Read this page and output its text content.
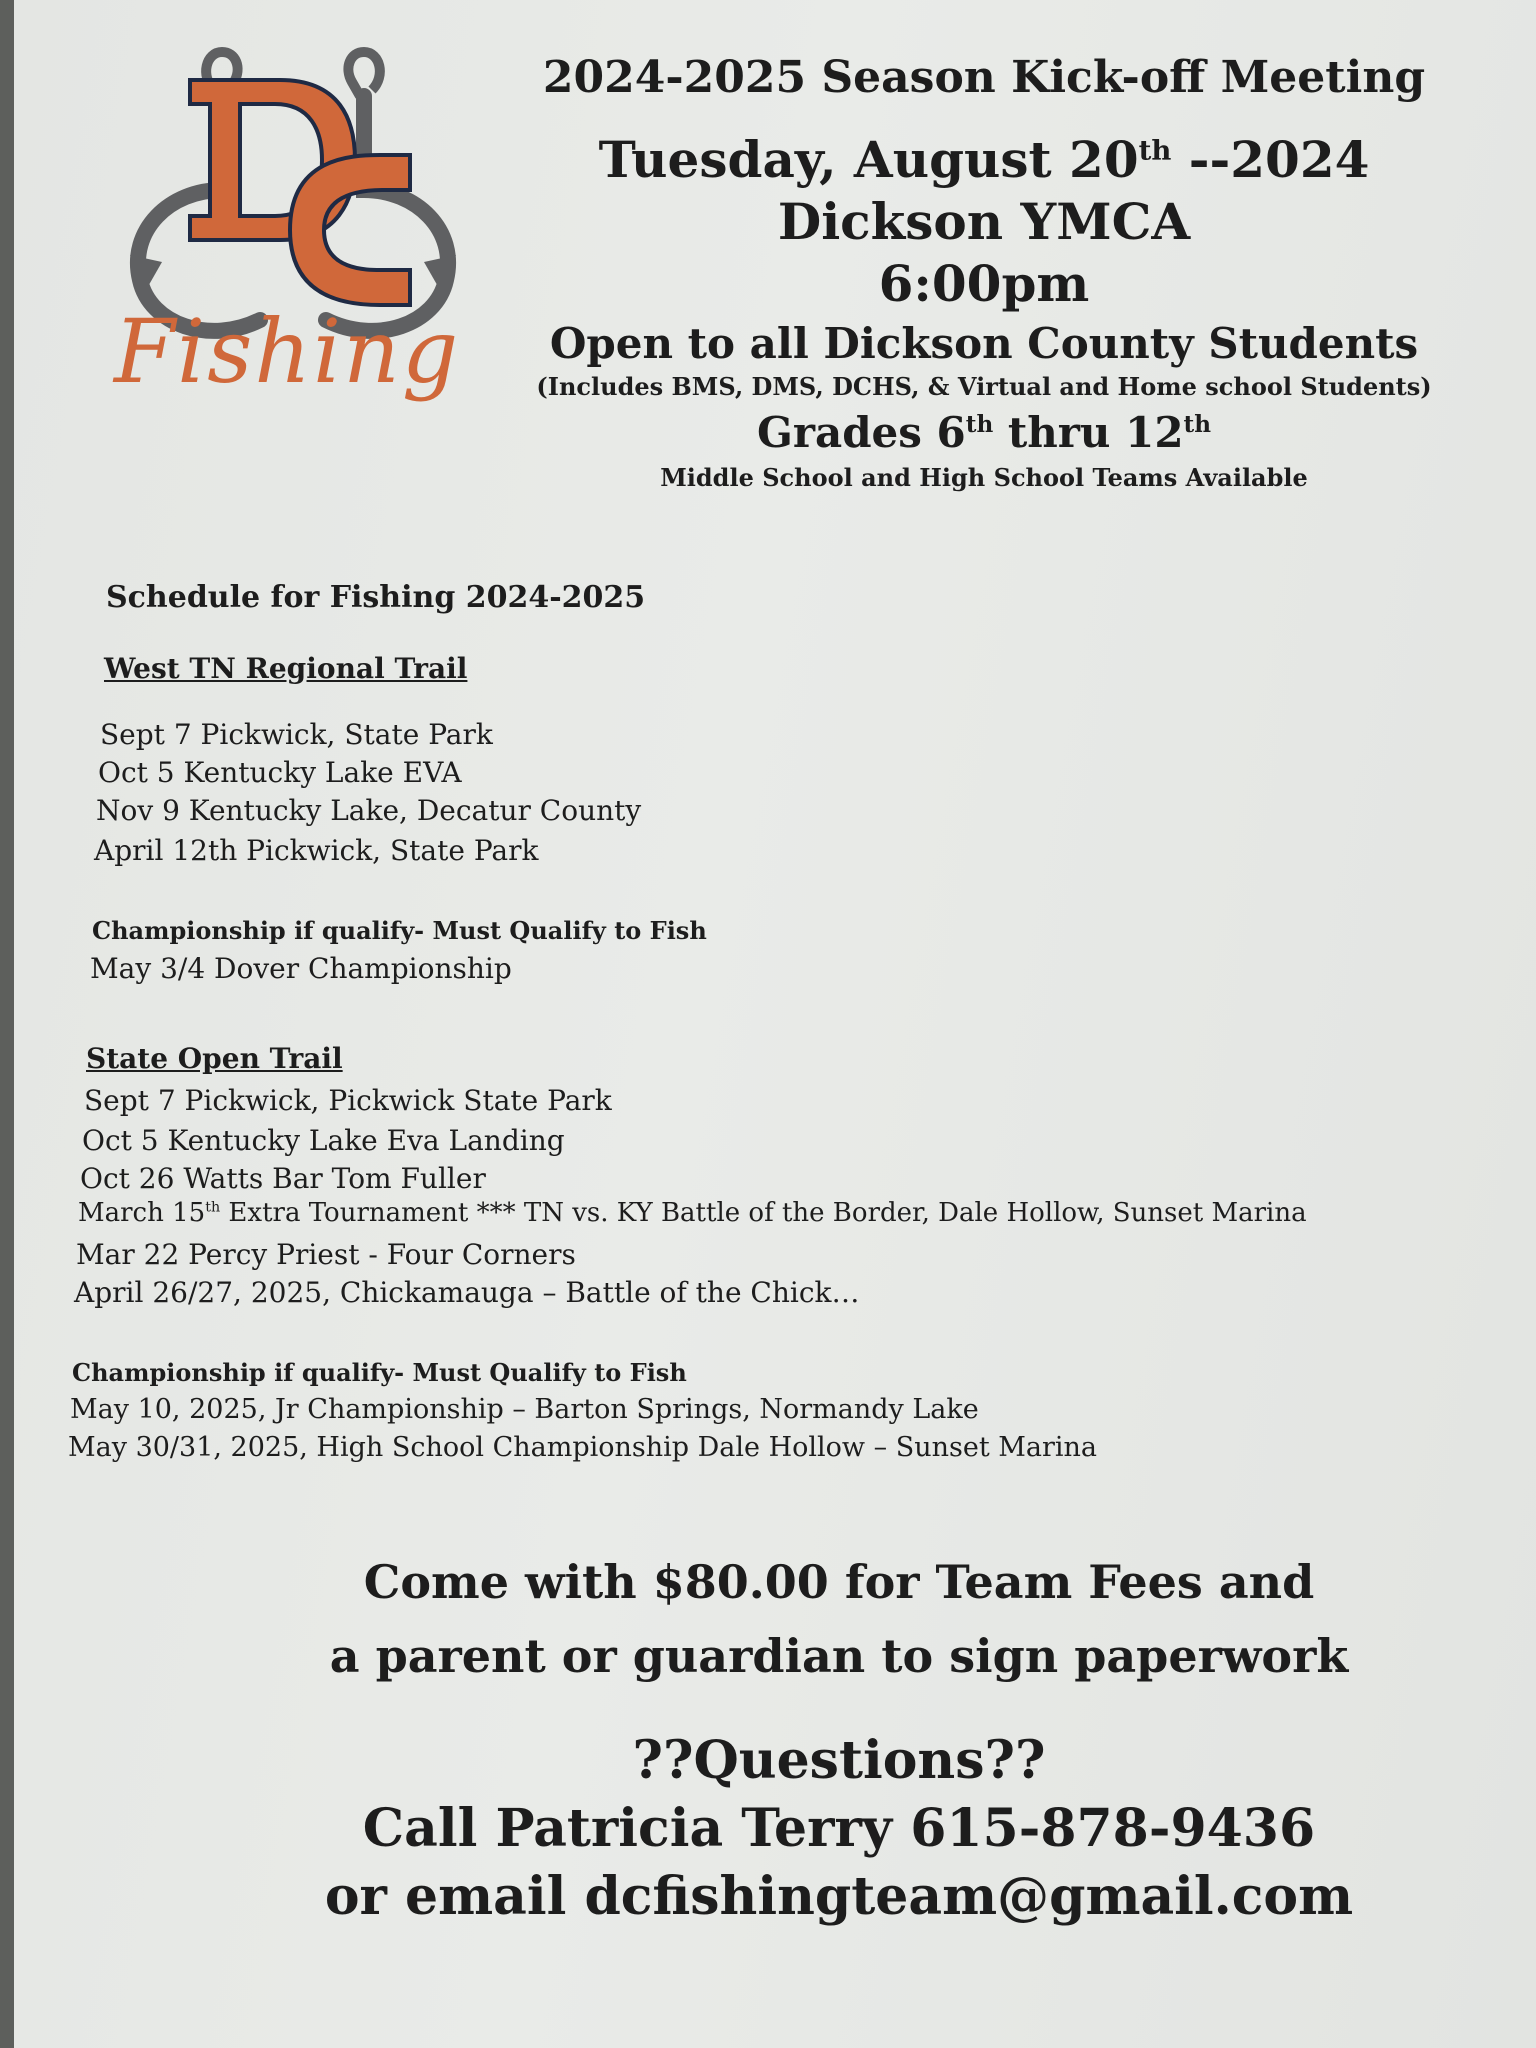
Fishing
2024-2025 Season Kick-off Meeting
Tuesday, August 20th --2024
Dickson YMCA
6:00pm
Open to all Dickson County Students
(Includes BMS, DMS, DCHS, & Virtual and Home school Students)
Grades 6th thru 12th
Middle School and High School Teams Available
Schedule for Fishing 2024-2025
West TN Regional Trail
Sept 7 Pickwick, State Park
Oct 5 Kentucky Lake EVA
Nov 9 Kentucky Lake, Decatur County
April 12th Pickwick, State Park
Championship if qualify- Must Qualify to Fish
May 3/4 Dover Championship
State Open Trail
Sept 7 Pickwick, Pickwick State Park
Oct 5 Kentucky Lake Eva Landing
Oct 26 Watts Bar Tom Fuller
March 15th Extra Tournament *** TN vs. KY Battle of the Border, Dale Hollow, Sunset Marina
Mar 22 Percy Priest - Four Corners
April 26/27, 2025, Chickamauga – Battle of the Chick…
Championship if qualify- Must Qualify to Fish
May 10, 2025, Jr Championship – Barton Springs, Normandy Lake
May 30/31, 2025, High School Championship Dale Hollow – Sunset Marina
Come with $80.00 for Team Fees and
a parent or guardian to sign paperwork
??Questions??
Call Patricia Terry 615-878-9436
or email dcfishingteam@gmail.com
